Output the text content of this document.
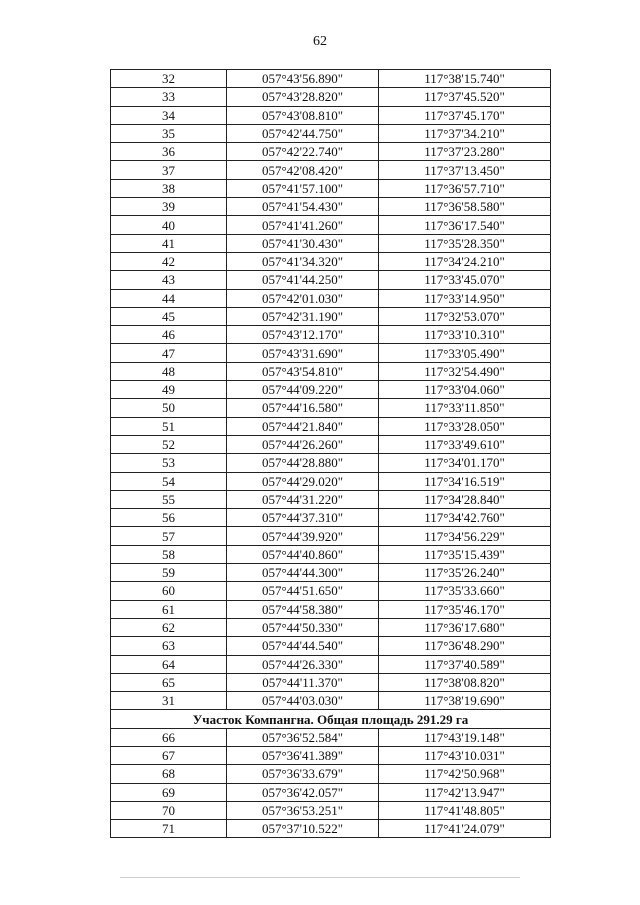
62
32	057°43'56.890"	117°38'15.740"
33	057°43'28.820"	117°37'45.520"
34	057°43'08.810"	117°37'45.170"
35	057°42'44.750"	117°37'34.210"
36	057°42'22.740"	117°37'23.280"
37	057°42'08.420"	117°37'13.450"
38	057°41'57.100"	117°36'57.710"
39	057°41'54.430"	117°36'58.580"
40	057°41'41.260"	117°36'17.540"
41	057°41'30.430"	117°35'28.350"
42	057°41'34.320"	117°34'24.210"
43	057°41'44.250"	117°33'45.070"
44	057°42'01.030"	117°33'14.950"
45	057°42'31.190"	117°32'53.070"
46	057°43'12.170"	117°33'10.310"
47	057°43'31.690"	117°33'05.490"
48	057°43'54.810"	117°32'54.490"
49	057°44'09.220"	117°33'04.060"
50	057°44'16.580"	117°33'11.850"
51	057°44'21.840"	117°33'28.050"
52	057°44'26.260"	117°33'49.610"
53	057°44'28.880"	117°34'01.170"
54	057°44'29.020"	117°34'16.519"
55	057°44'31.220"	117°34'28.840"
56	057°44'37.310"	117°34'42.760"
57	057°44'39.920"	117°34'56.229"
58	057°44'40.860"	117°35'15.439"
59	057°44'44.300"	117°35'26.240"
60	057°44'51.650"	117°35'33.660"
61	057°44'58.380"	117°35'46.170"
62	057°44'50.330"	117°36'17.680"
63	057°44'44.540"	117°36'48.290"
64	057°44'26.330"	117°37'40.589"
65	057°44'11.370"	117°38'08.820"
31	057°44'03.030"	117°38'19.690"
Участок Компангна. Общая площадь 291.29 га		
66	057°36'52.584"	117°43'19.148"
67	057°36'41.389"	117°43'10.031"
68	057°36'33.679"	117°42'50.968"
69	057°36'42.057"	117°42'13.947"
70	057°36'53.251"	117°41'48.805"
71	057°37'10.522"	117°41'24.079"
